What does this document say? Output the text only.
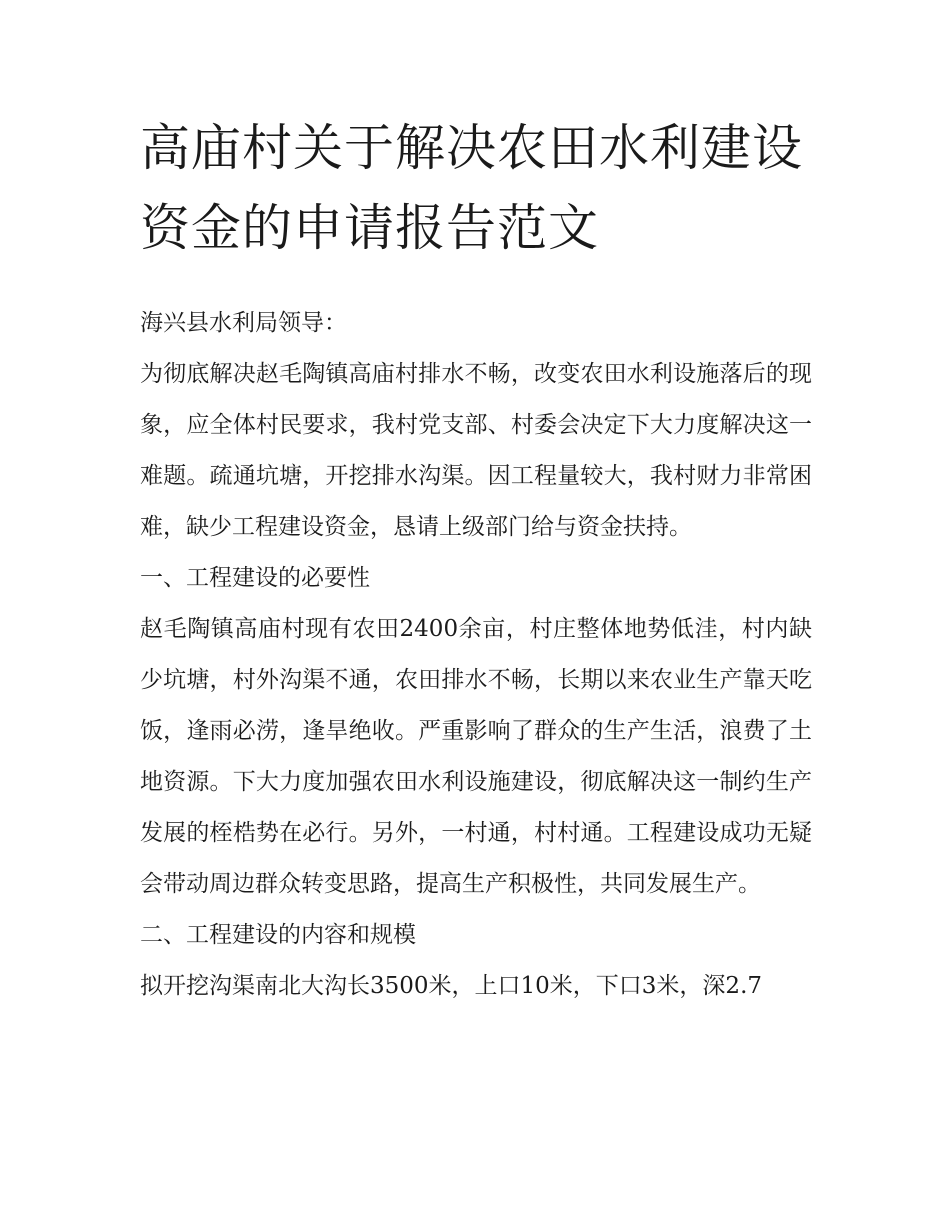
高庙村关于解决农田水利建设资金的申请报告范文

海兴县水利局领导：

为彻底解决赵毛陶镇高庙村排水不畅，改变农田水利设施落后的现象，应全体村民要求，我村党支部、村委会决定下大力度解决这一难题。疏通坑塘，开挖排水沟渠。因工程量较大，我村财力非常困难，缺少工程建设资金，恳请上级部门给与资金扶持。

一、工程建设的必要性

赵毛陶镇高庙村现有农田2400余亩，村庄整体地势低洼，村内缺少坑塘，村外沟渠不通，农田排水不畅，长期以来农业生产靠天吃饭，逢雨必涝，逢旱绝收。严重影响了群众的生产生活，浪费了土地资源。下大力度加强农田水利设施建设，彻底解决这一制约生产发展的桎梏势在必行。另外，一村通，村村通。工程建设成功无疑会带动周边群众转变思路，提高生产积极性，共同发展生产。

二、工程建设的内容和规模

拟开挖沟渠南北大沟长3500米，上口10米，下口3米，深2.7
